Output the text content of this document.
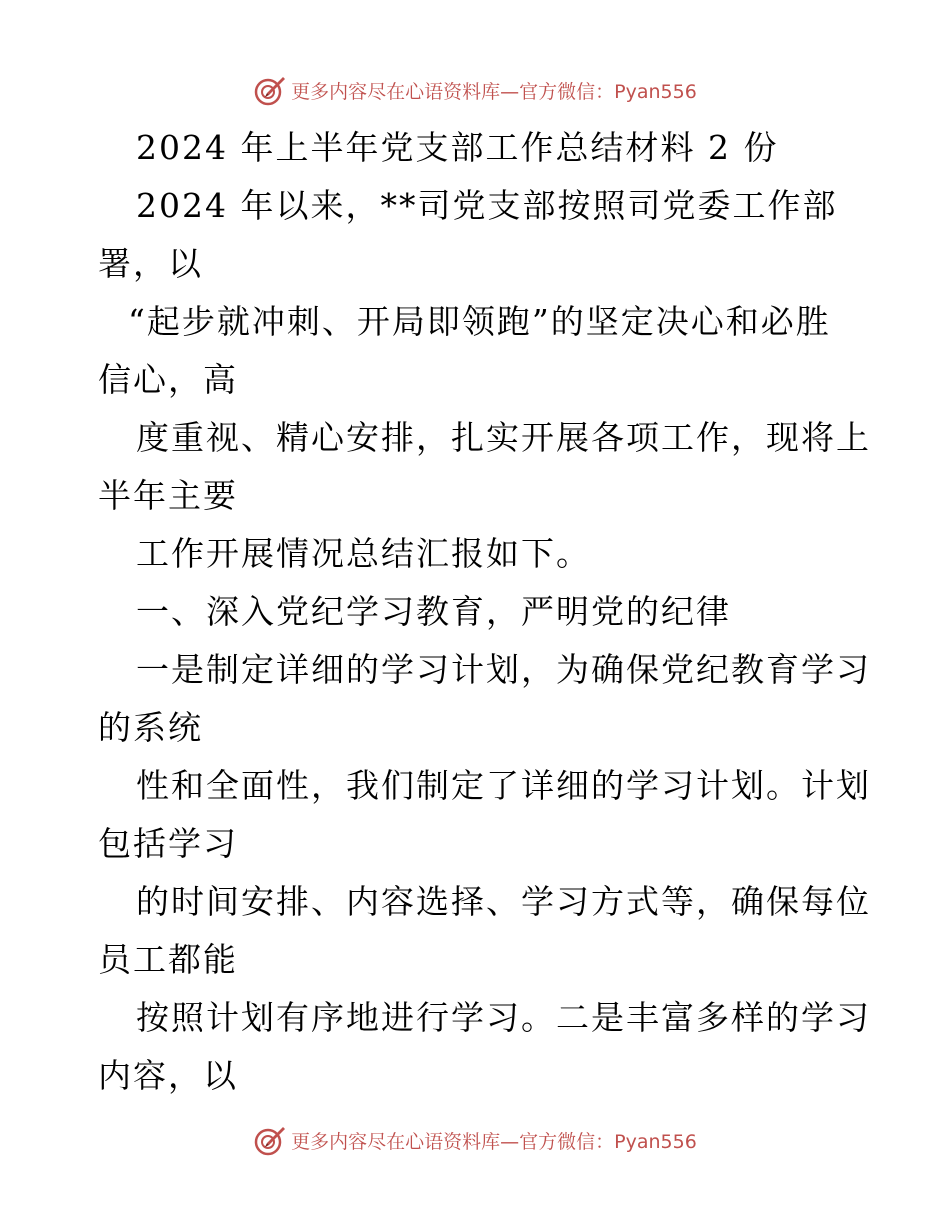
更多内容尽在心语资料库—官方微信：Pyan556
2024 年上半年党支部工作总结材料 2 份
2024 年以来，**司党支部按照司党委工作部
署，以
“起步就冲刺、开局即领跑”的坚定决心和必胜
信心，高
度重视、精心安排，扎实开展各项工作，现将上
半年主要
工作开展情况总结汇报如下。
一、深入党纪学习教育，严明党的纪律
一是制定详细的学习计划，为确保党纪教育学习
的系统
性和全面性，我们制定了详细的学习计划。计划
包括学习
的时间安排、内容选择、学习方式等，确保每位
员工都能
按照计划有序地进行学习。二是丰富多样的学习
内容，以
更多内容尽在心语资料库—官方微信：Pyan556
